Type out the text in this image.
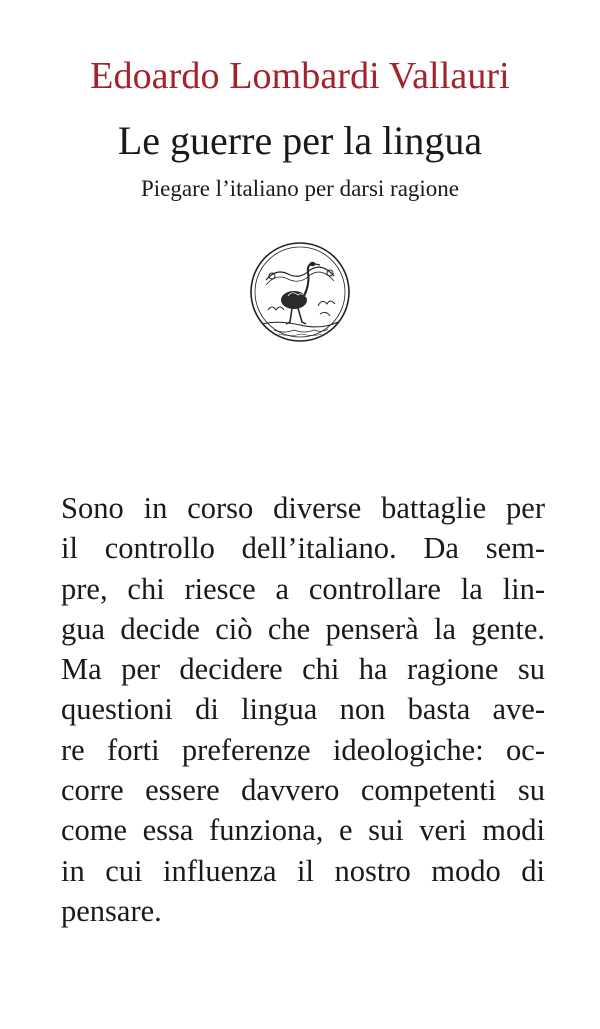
Edoardo Lombardi Vallauri
Le guerre per la lingua
Piegare l’italiano per darsi ragione
Sono in corso diverse battaglie per
il controllo dell’italiano. Da sem-
pre, chi riesce a controllare la lin-
gua decide ciò che penserà la gente.
Ma per decidere chi ha ragione su
questioni di lingua non basta ave-
re forti preferenze ideologiche: oc-
corre essere davvero competenti su
come essa funziona, e sui veri modi
in cui influenza il nostro modo di
pensare.
